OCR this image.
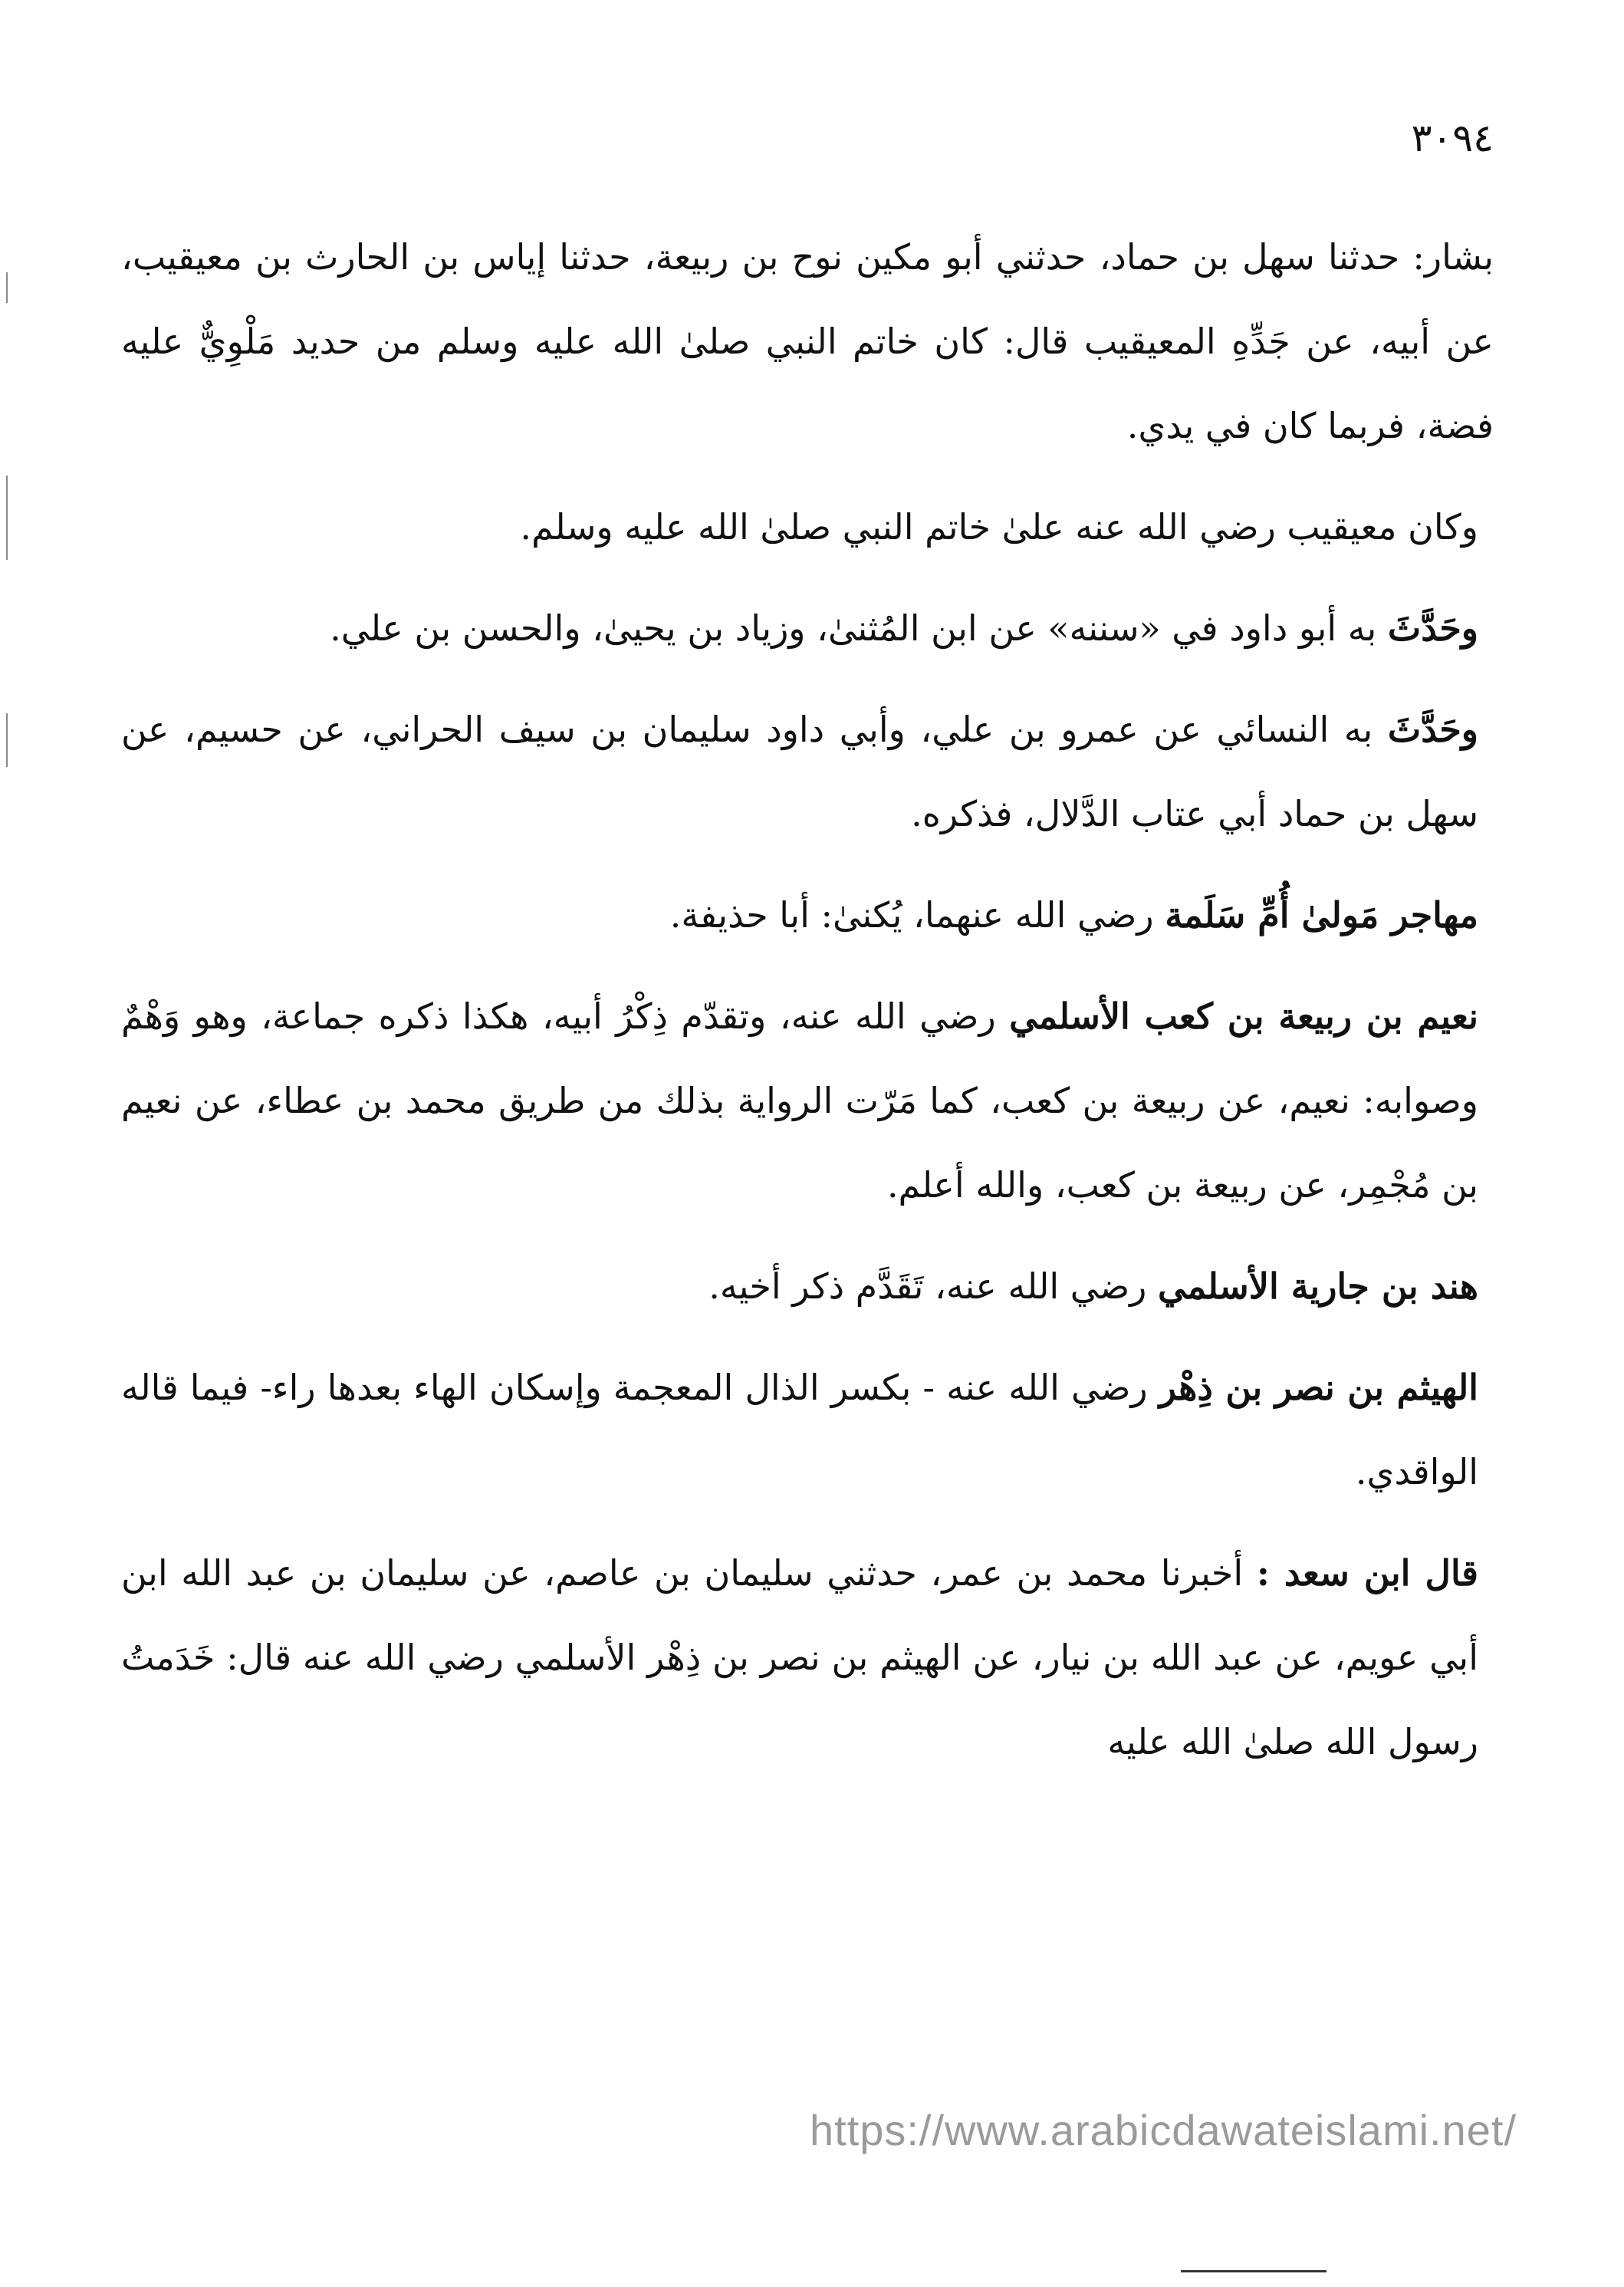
٣٠٩٤

بشار: حدثنا سهل بن حماد، حدثني أبو مكين نوح بن ربيعة، حدثنا إياس بن الحارث بن معيقيب، عن أبيه، عن جَدِّهِ المعيقيب قال: كان خاتم النبي صلىٰ الله عليه وسلم من حديد مَلْوِيٌّ عليه فضة، فربما كان في يدي.

وكان معيقيب رضي الله عنه علىٰ خاتم النبي صلىٰ الله عليه وسلم.

وحَدَّثَ به أبو داود في «سننه» عن ابن المُثنىٰ، وزياد بن يحيىٰ، والحسن بن علي.

وحَدَّثَ به النسائي عن عمرو بن علي، وأبي داود سليمان بن سيف الحراني، عن حسيم، عن سهل بن حماد أبي عتاب الدَّلال، فذكره.

مهاجر مَولىٰ أُمِّ سَلَمة رضي الله عنهما، يُكنىٰ: أبا حذيفة.

نعيم بن ربيعة بن كعب الأسلمي رضي الله عنه، وتقدّم ذِكْرُ أبيه، هكذا ذكره جماعة، وهو وَهْمٌ وصوابه: نعيم، عن ربيعة بن كعب، كما مَرّت الرواية بذلك من طريق محمد بن عطاء، عن نعيم بن مُجْمِر، عن ربيعة بن كعب، والله أعلم.

هند بن جارية الأسلمي رضي الله عنه، تَقَدَّم ذكر أخيه.

الهيثم بن نصر بن ذِهْر رضي الله عنه - بكسر الذال المعجمة وإسكان الهاء بعدها راء- فيما قاله الواقدي.

قال ابن سعد : أخبرنا محمد بن عمر، حدثني سليمان بن عاصم، عن سليمان بن عبد الله ابن أبي عويم، عن عبد الله بن نيار، عن الهيثم بن نصر بن ذِهْر الأسلمي رضي الله عنه قال: خَدَمتُ رسول الله صلىٰ الله عليه

https://www.arabicdawateislami.net/
